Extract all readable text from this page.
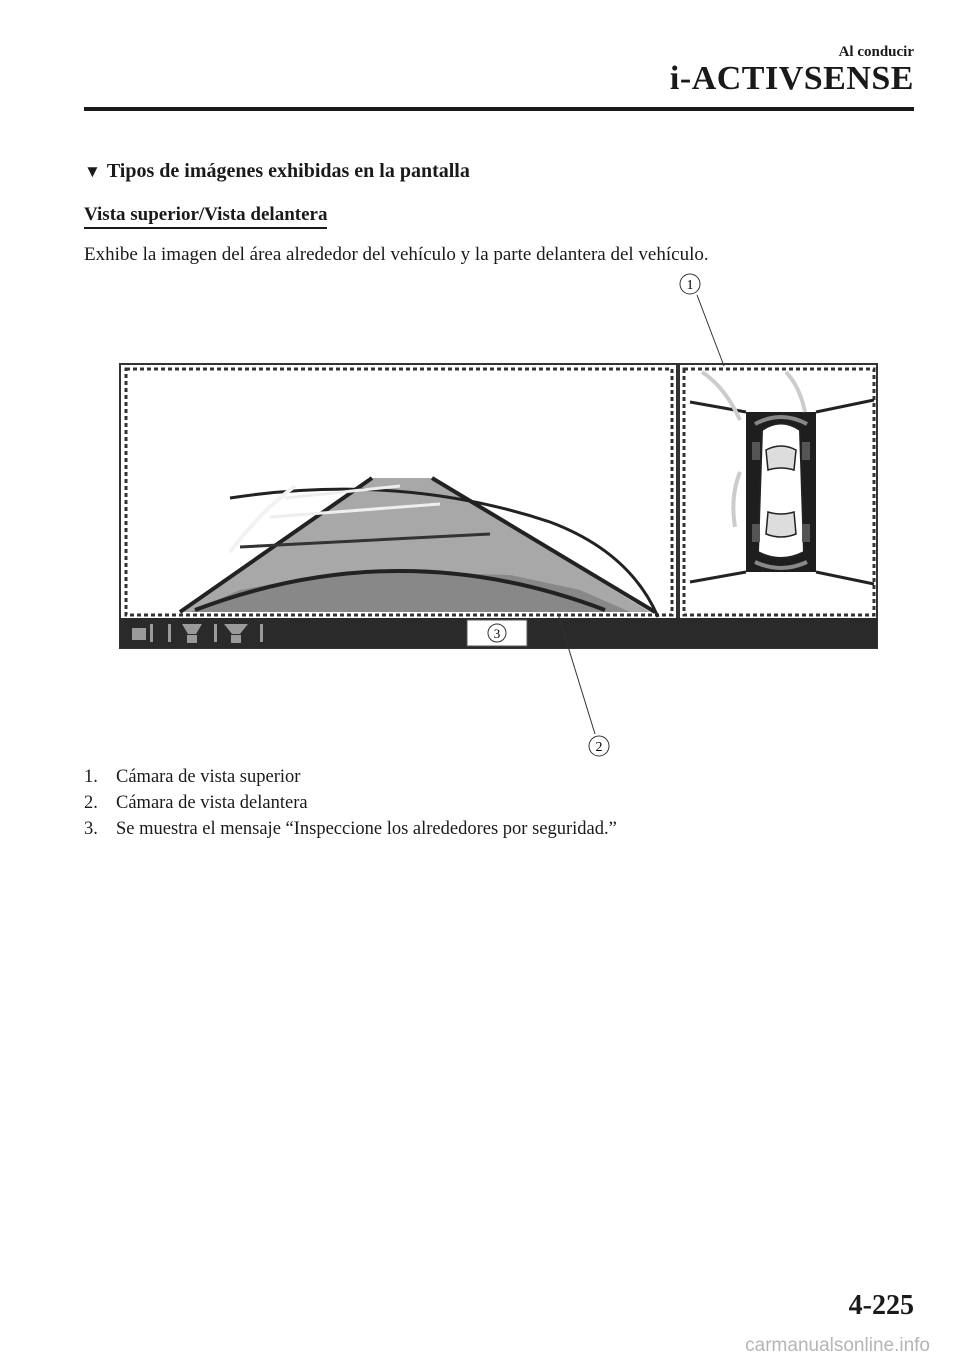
Al conducir
i-ACTIVSENSE
▼ Tipos de imágenes exhibidas en la pantalla
Vista superior/Vista delantera
Exhibe la imagen del área alrededor del vehículo y la parte delantera del vehículo.
1
2
3
1. Cámara de vista superior
2. Cámara de vista delantera
3. Se muestra el mensaje “Inspeccione los alrededores por seguridad.”
4-225
carmanualsonline.info
